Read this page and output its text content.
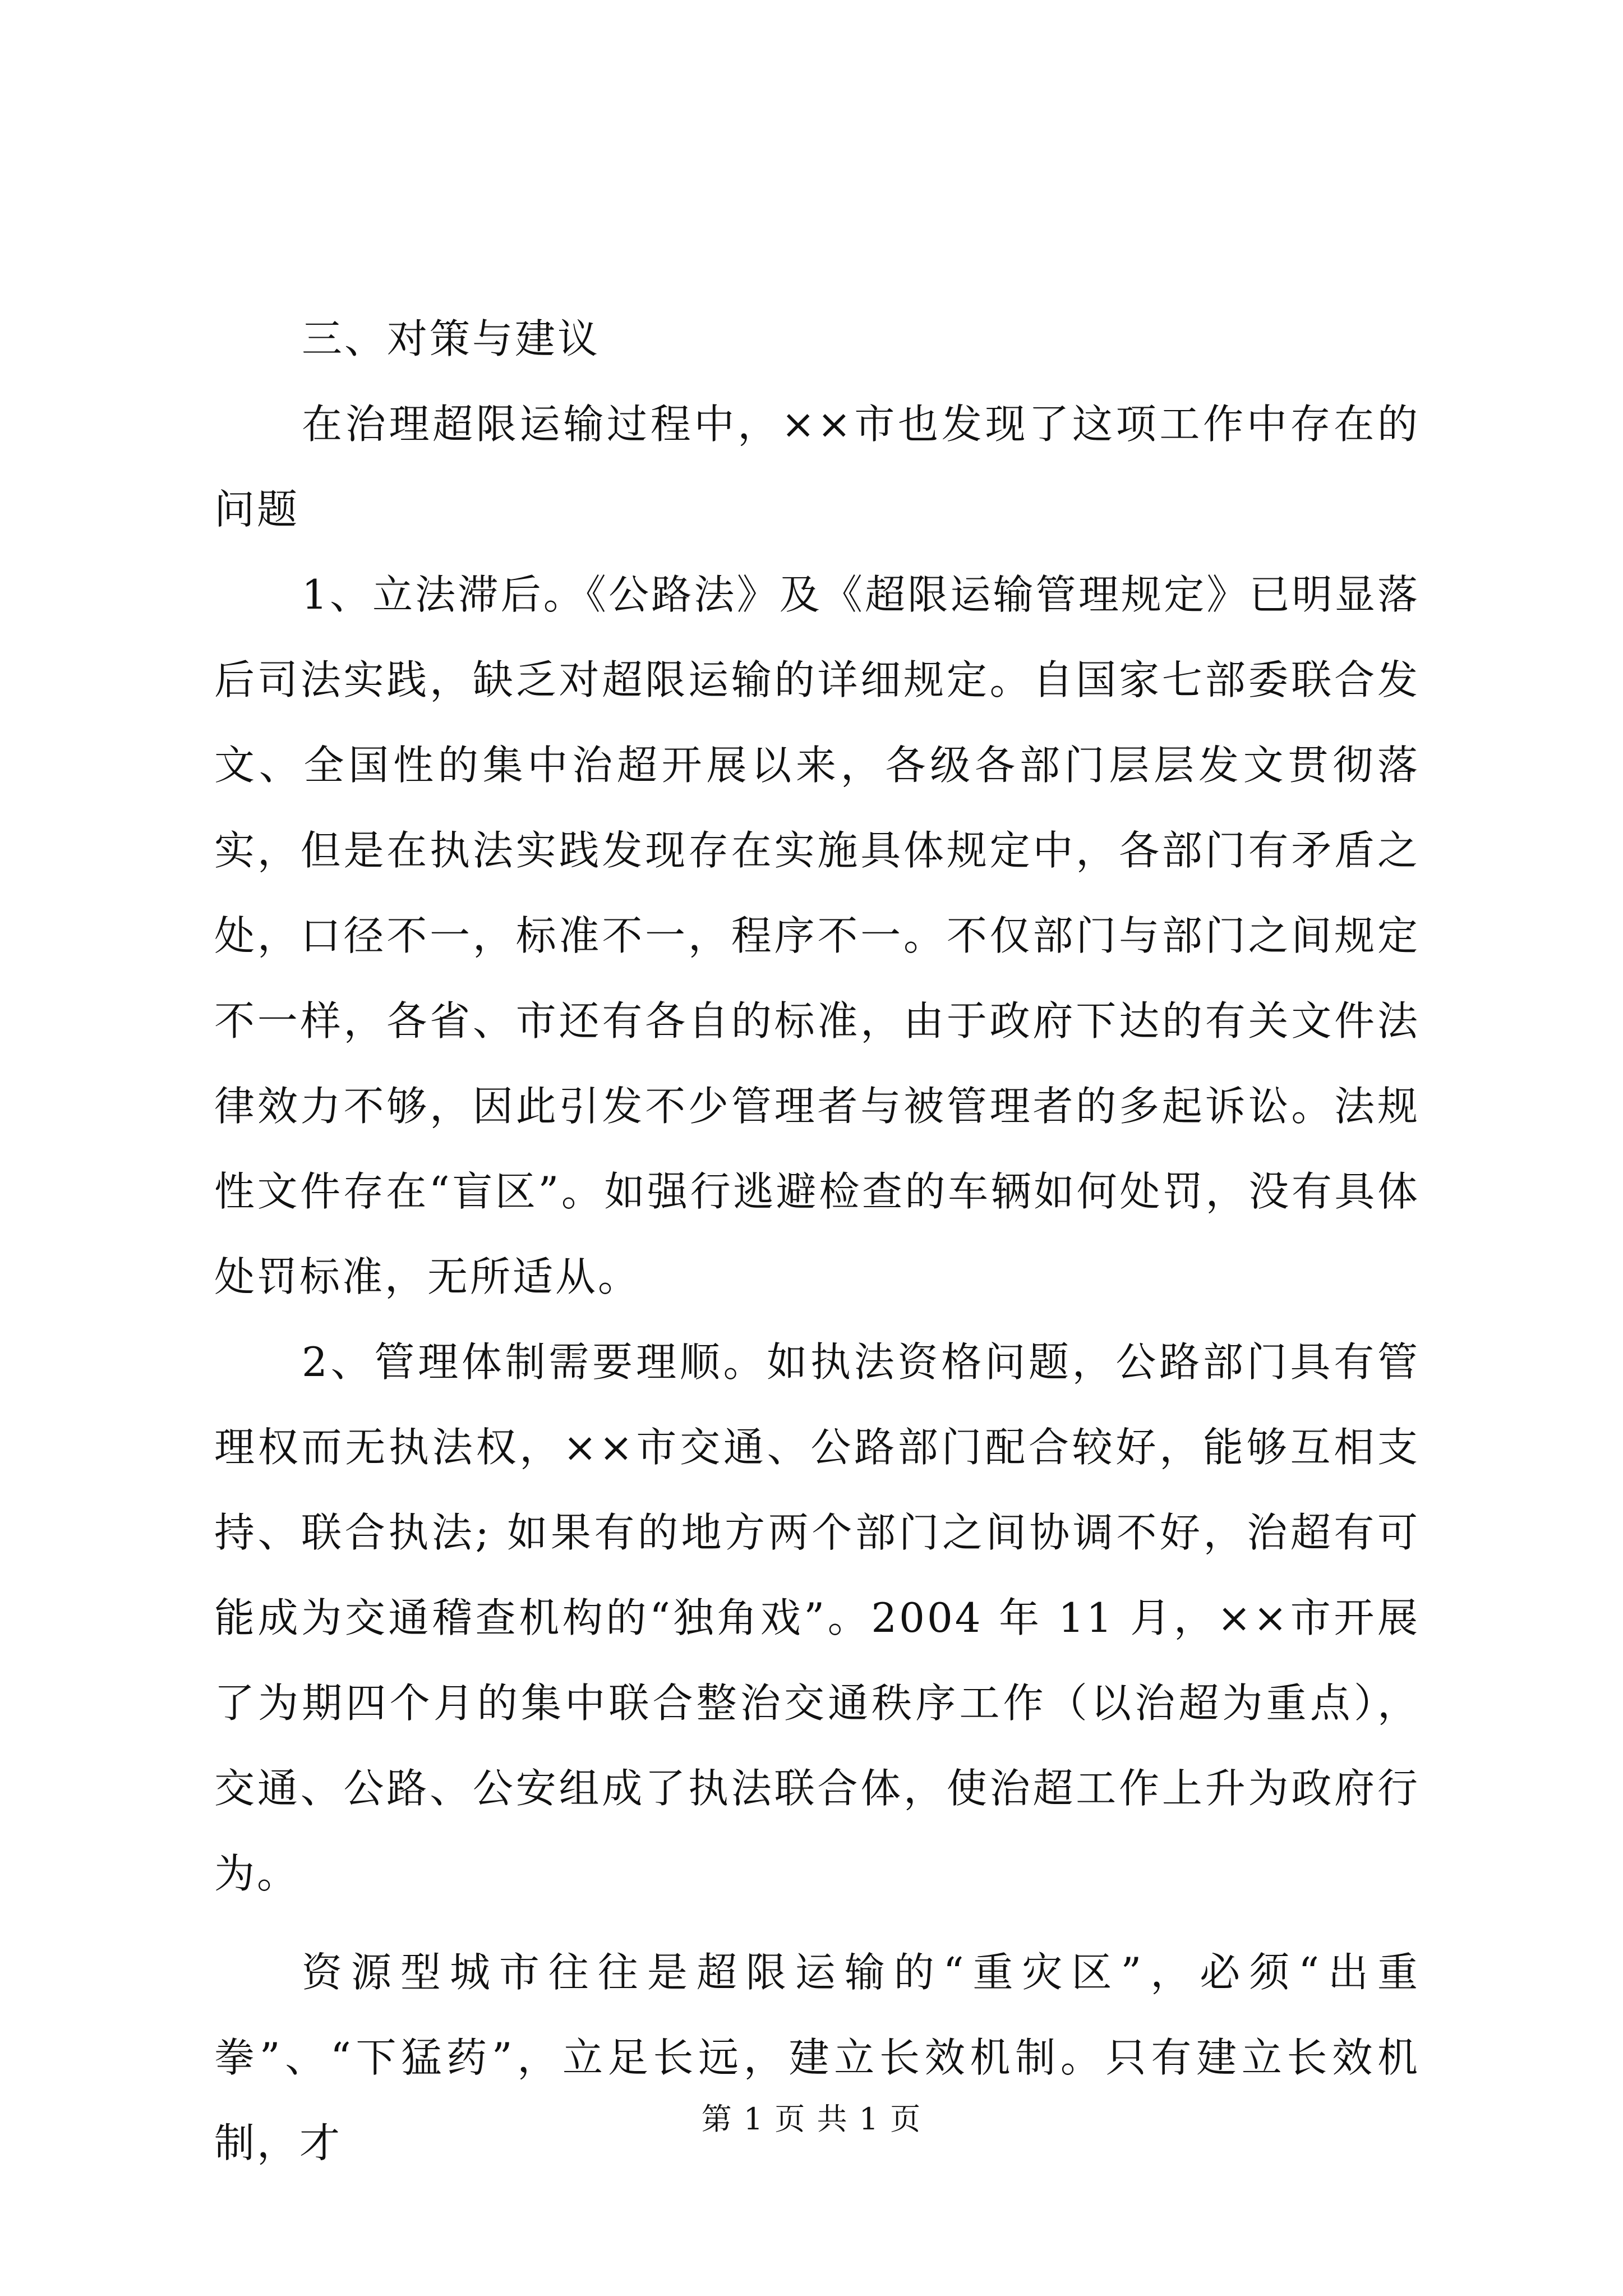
三、对策与建议

在治理超限运输过程中，××市也发现了这项工作中存在的问题

1、立法滞后。《公路法》及《超限运输管理规定》已明显落后司法实践，缺乏对超限运输的详细规定。自国家七部委联合发文、全国性的集中治超开展以来，各级各部门层层发文贯彻落实，但是在执法实践发现存在实施具体规定中，各部门有矛盾之处，口径不一，标准不一，程序不一。不仅部门与部门之间规定不一样，各省、市还有各自的标准，由于政府下达的有关文件法律效力不够，因此引发不少管理者与被管理者的多起诉讼。法规性文件存在“盲区”。如强行逃避检查的车辆如何处罚，没有具体处罚标准，无所适从。

2、管理体制需要理顺。如执法资格问题，公路部门具有管理权而无执法权，××市交通、公路部门配合较好，能够互相支持、联合执法; 如果有的地方两个部门之间协调不好，治超有可能成为交通稽查机构的“独角戏”。2004 年 11 月，××市开展了为期四个月的集中联合整治交通秩序工作（以治超为重点），交通、公路、公安组成了执法联合体，使治超工作上升为政府行为。

资源型城市往往是超限运输的“重灾区”，必须“出重拳”、“下猛药”，立足长远，建立长效机制。只有建立长效机制，才

第 1 页 共 1 页
